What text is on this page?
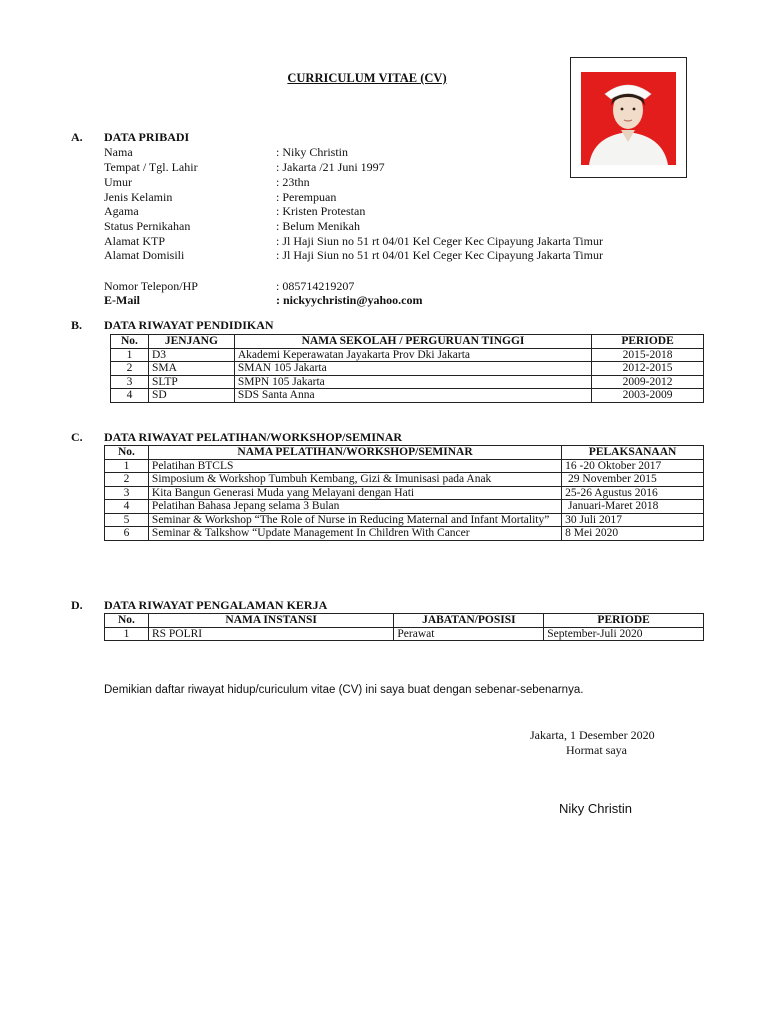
CURRICULUM VITAE (CV)
A. DATA PRIBADI
Nama	: Niky Christin
Tempat / Tgl. Lahir	: Jakarta /21 Juni 1997
Umur	: 23thn
Jenis Kelamin	: Perempuan
Agama	: Kristen Protestan
Status Pernikahan	: Belum Menikah
Alamat KTP	: Jl Haji Siun no 51 rt 04/01 Kel Ceger Kec Cipayung Jakarta Timur
Alamat Domisili	: Jl Haji Siun no 51 rt 04/01 Kel Ceger Kec Cipayung Jakarta Timur
Nomor Telepon/HP	: 085714219207
E-Mail	: nickyychristin@yahoo.com
B. DATA RIWAYAT PENDIDIKAN
No.	JENJANG	NAMA SEKOLAH / PERGURUAN TINGGI	PERIODE
1	D3	Akademi Keperawatan Jayakarta Prov Dki Jakarta	2015-2018
2	SMA	SMAN 105 Jakarta	2012-2015
3	SLTP	SMPN 105 Jakarta	2009-2012
4	SD	SDS Santa Anna	2003-2009
C. DATA RIWAYAT PELATIHAN/WORKSHOP/SEMINAR
No.	NAMA PELATIHAN/WORKSHOP/SEMINAR	PELAKSANAAN
1	Pelatihan BTCLS	16 -20 Oktober 2017
2	Simposium & Workshop Tumbuh Kembang, Gizi & Imunisasi pada Anak	29 November 2015
3	Kita Bangun Generasi Muda yang Melayani dengan Hati	25-26 Agustus 2016
4	Pelatihan Bahasa Jepang selama 3 Bulan	Januari-Maret 2018
5	Seminar & Workshop “The Role of Nurse in Reducing Maternal and Infant Mortality”	30 Juli 2017
6	Seminar & Talkshow “Update Management In Children With Cancer	8 Mei 2020
D. DATA RIWAYAT PENGALAMAN KERJA
No.	NAMA INSTANSI	JABATAN/POSISI	PERIODE
1	RS POLRI	Perawat	September-Juli 2020
Demikian daftar riwayat hidup/curiculum vitae (CV) ini saya buat dengan sebenar-sebenarnya.
Jakarta, 1 Desember 2020
Hormat saya
Niky Christin
